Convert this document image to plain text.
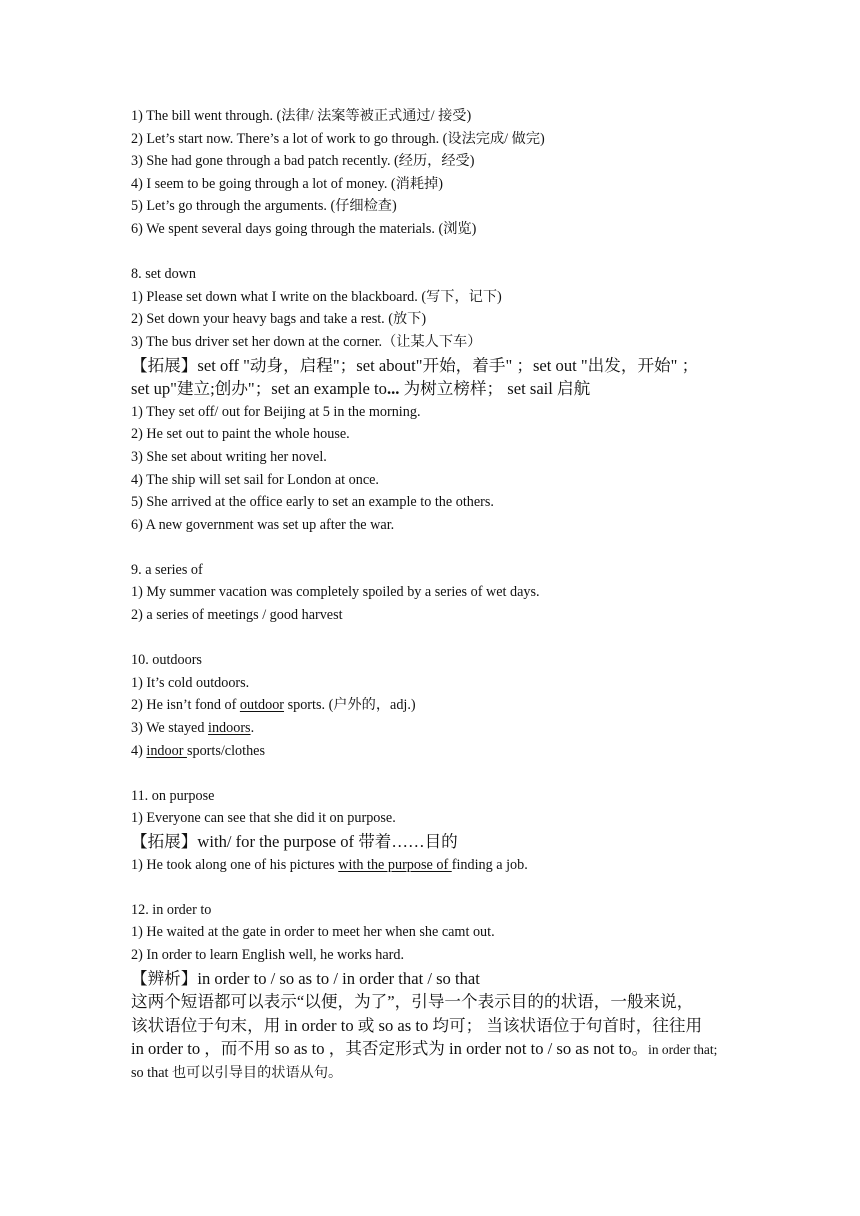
1) The bill went through. (法律/ 法案等被正式通过/ 接受)
2) Let’s start now. There’s a lot of work to go through. (设法完成/ 做完)
3) She had gone through a bad patch recently. (经历，经受)
4) I seem to be going through a lot of money. (消耗掉)
5) Let’s go through the arguments. (仔细检查)
6) We spent several days going through the materials. (浏览)
8. set down
1) Please set down what I write on the blackboard. (写下，记下)
2) Set down your heavy bags and take a rest. (放下)
3) The bus driver set her down at the corner.（让某人下车）
【拓展】set off "动身，启程"；set about"开始，着手" ；set out "出发，开始" ；
set up"建立;创办"；set an example to... 为树立榜样； set sail 启航
1) They set off/ out for Beijing at 5 in the morning.
2) He set out to paint the whole house.
3) She set about writing her novel.
4) The ship will set sail for London at once.
5) She arrived at the office early to set an example to the others.
6) A new government was set up after the war.
9. a series of
1) My summer vacation was completely spoiled by a series of wet days.
2) a series of meetings / good harvest
10. outdoors
1) It’s cold outdoors.
2) He isn’t fond of outdoor sports. (户外的，adj.)
3) We stayed indoors.
4) indoor sports/clothes
11. on purpose
1) Everyone can see that she did it on purpose.
【拓展】with/ for the purpose of 带着……目的
1) He took along one of his pictures with the purpose of finding a job.
12. in order to
1) He waited at the gate in order to meet her when she camt out.
2) In order to learn English well, he works hard.
【辨析】in order to / so as to / in order that / so that
这两个短语都可以表示“以便，为了”，引导一个表示目的的状语，一般来说，
该状语位于句末，用 in order to 或 so as to 均可； 当该状语位于句首时，往往用
in order to ，而不用 so as to ，其否定形式为 in order not to / so as not to。in order that;
so that 也可以引导目的状语从句。
